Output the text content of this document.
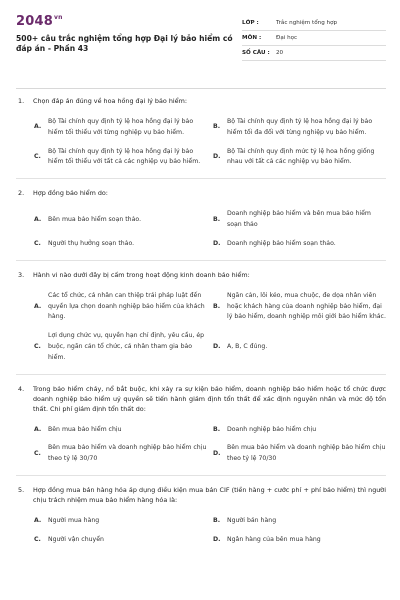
$2048^{vn}$
500+ câu trắc nghiệm tổng hợp Đại lý bảo hiểm có đáp án - Phần 43
LỚP :	Trắc nghiệm tổng hợp
MÔN :	Đại học
SỐ CÂU :	20
1.	Chọn đáp án đúng về hoa hồng đại lý bảo hiểm:
A.
Bộ Tài chính quy định tỷ lệ hoa hồng đại lý bảo hiểm tối thiểu với từng nghiệp vụ bảo hiểm.
B.
Bộ Tài chính quy định tỷ lệ hoa hồng đại lý bảo hiểm tối đa đối với từng nghiệp vụ bảo hiểm.
C.
Bộ Tài chính quy định tỷ lệ hoa hồng đại lý bảo hiểm tối thiểu với tất cả các nghiệp vụ bảo hiểm.
D.
Bộ Tài chính quy định mức tỷ lệ hoa hồng giống nhau với tất cả các nghiệp vụ bảo hiểm.
2.	Hợp đồng bảo hiểm do:
A.	Bên mua bảo hiểm soạn thảo.	B.
Doanh nghiệp bảo hiểm và bên mua bảo hiểm soạn thảo
C.	Người thụ hưởng soạn thảo.	D.	Doanh nghiệp bảo hiểm soạn thảo.
3.	Hành vi nào dưới đây bị cấm trong hoạt động kinh doanh bảo hiểm:
A.
Các tổ chức, cá nhân can thiệp trái pháp luật đến quyền lựa chọn doanh nghiệp bảo hiểm của khách hàng.
B.
Ngăn cản, lôi kéo, mua chuộc, đe dọa nhân viên hoặc khách hàng của doanh nghiệp bảo hiểm, đại lý bảo hiểm, doanh nghiệp môi giới bảo hiểm khác.
C.
Lợi dụng chức vụ, quyền hạn chỉ định, yêu cầu, ép buộc, ngăn cản tổ chức, cá nhân tham gia bảo hiểm.
D.	A, B, C đúng.
4.	Trong bảo hiểm cháy, nổ bắt buộc, khi xảy ra sự kiện bảo hiểm, doanh nghiệp bảo hiểm hoặc tổ chức được doanh nghiệp bảo hiểm uỷ quyền sẽ tiến hành giám định tổn thất để xác định nguyên nhân và mức độ tổn thất. Chi phí giám định tổn thất do:
A.	Bên mua bảo hiểm chịu	B.	Doanh nghiệp bảo hiểm chịu
C.
Bên mua bảo hiểm và doanh nghiệp bảo hiểm chịu theo tỷ lệ 30/70
D.
Bên mua bảo hiểm và doanh nghiệp bảo hiểm chịu theo tỷ lệ 70/30
5.	Hợp đồng mua bán hàng hóa áp dụng điều kiện mua bán CIF (tiền hàng + cước phí + phí bảo hiểm) thì người chịu trách nhiệm mua bảo hiểm hàng hóa là:
A.	Người mua hàng	B.	Người bán hàng
C.	Người vận chuyển	D.	Ngân hàng của bên mua hàng
